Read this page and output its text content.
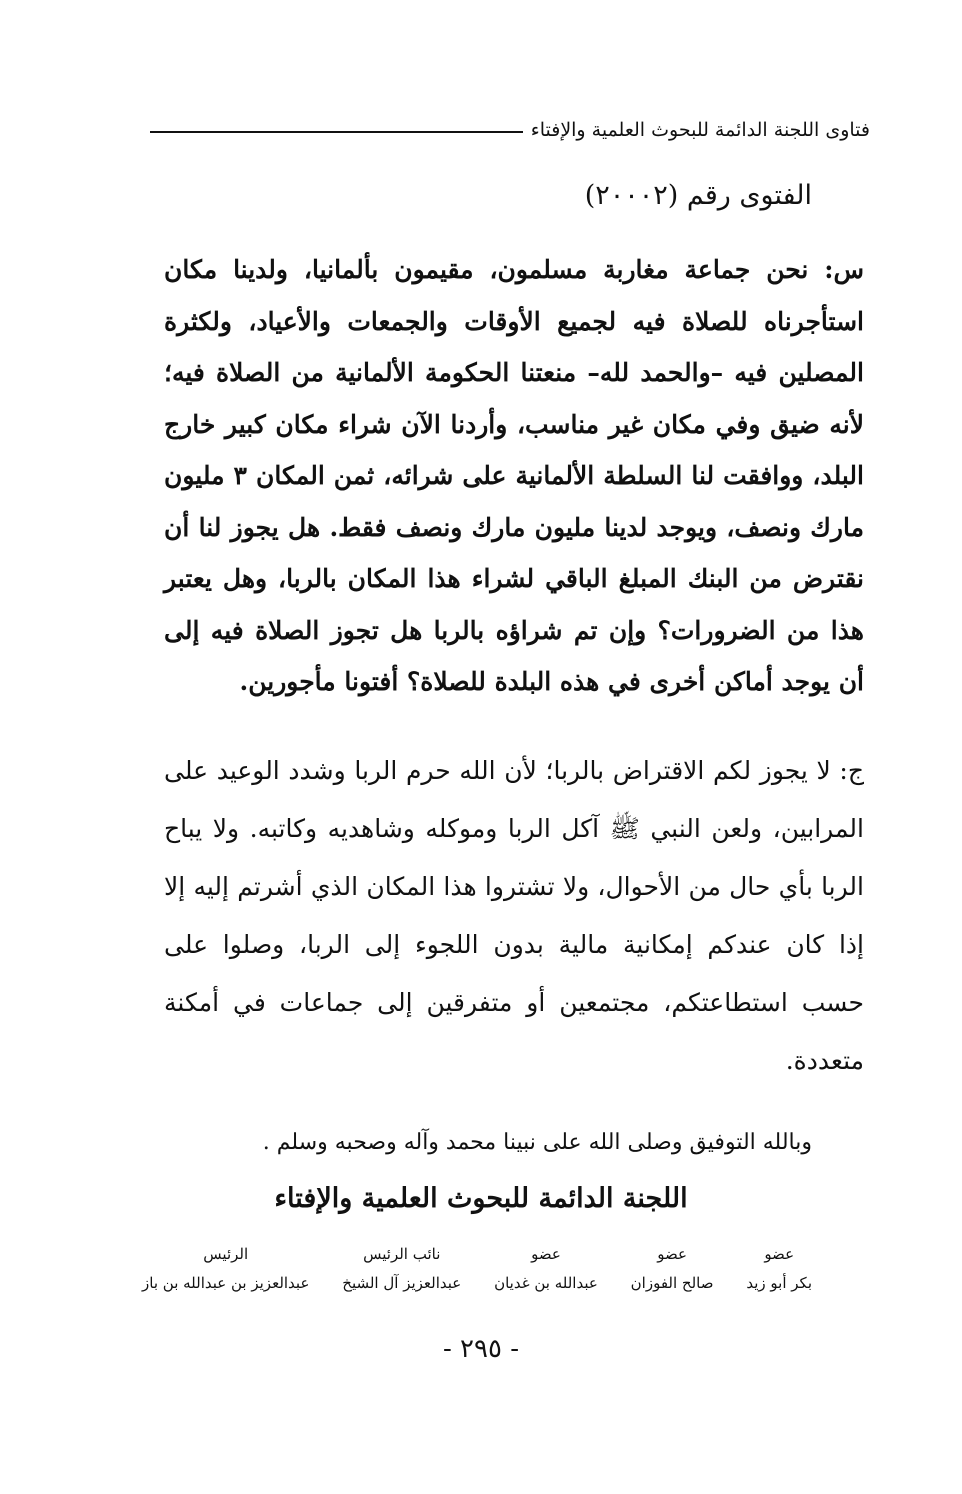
فتاوى اللجنة الدائمة للبحوث العلمية والإفتاء
الفتوى رقم (٢٠٠٠٢)

س: نحن جماعة مغاربة مسلمون، مقيمون بألمانيا، ولدينا مكان استأجرناه للصلاة فيه لجميع الأوقات والجمعات والأعياد، ولكثرة المصلين فيه –والحمد لله– منعتنا الحكومة الألمانية من الصلاة فيه؛ لأنه ضيق وفي مكان غير مناسب، وأردنا الآن شراء مكان كبير خارج البلد، ووافقت لنا السلطة الألمانية على شرائه، ثمن المكان ٣ مليون مارك ونصف، ويوجد لدينا مليون مارك ونصف فقط. هل يجوز لنا أن نقترض من البنك المبلغ الباقي لشراء هذا المكان بالربا، وهل يعتبر هذا من الضرورات؟ وإن تم شراؤه بالربا هل تجوز الصلاة فيه إلى أن يوجد أماكن أخرى في هذه البلدة للصلاة؟ أفتونا مأجورين.

ج: لا يجوز لكم الاقتراض بالربا؛ لأن الله حرم الربا وشدد الوعيد على المرابين، ولعن النبي ﷺ آكل الربا وموكله وشاهديه وكاتبه. ولا يباح الربا بأي حال من الأحوال، ولا تشتروا هذا المكان الذي أشرتم إليه إلا إذا كان عندكم إمكانية مالية بدون اللجوء إلى الربا، وصلوا على حسب استطاعتكم، مجتمعين أو متفرقين إلى جماعات في أمكنة متعددة.

وبالله التوفيق وصلى الله على نبينا محمد وآله وصحبه وسلم .
اللجنة الدائمة للبحوث العلمية والإفتاء
عضو
بكر أبو زيد
عضو
صالح الفوزان
عضو
عبدالله بن غديان
نائب الرئيس
عبدالعزيز آل الشيخ
الرئيس
عبدالعزيز بن عبدالله بن باز
- ٢٩٥ -
